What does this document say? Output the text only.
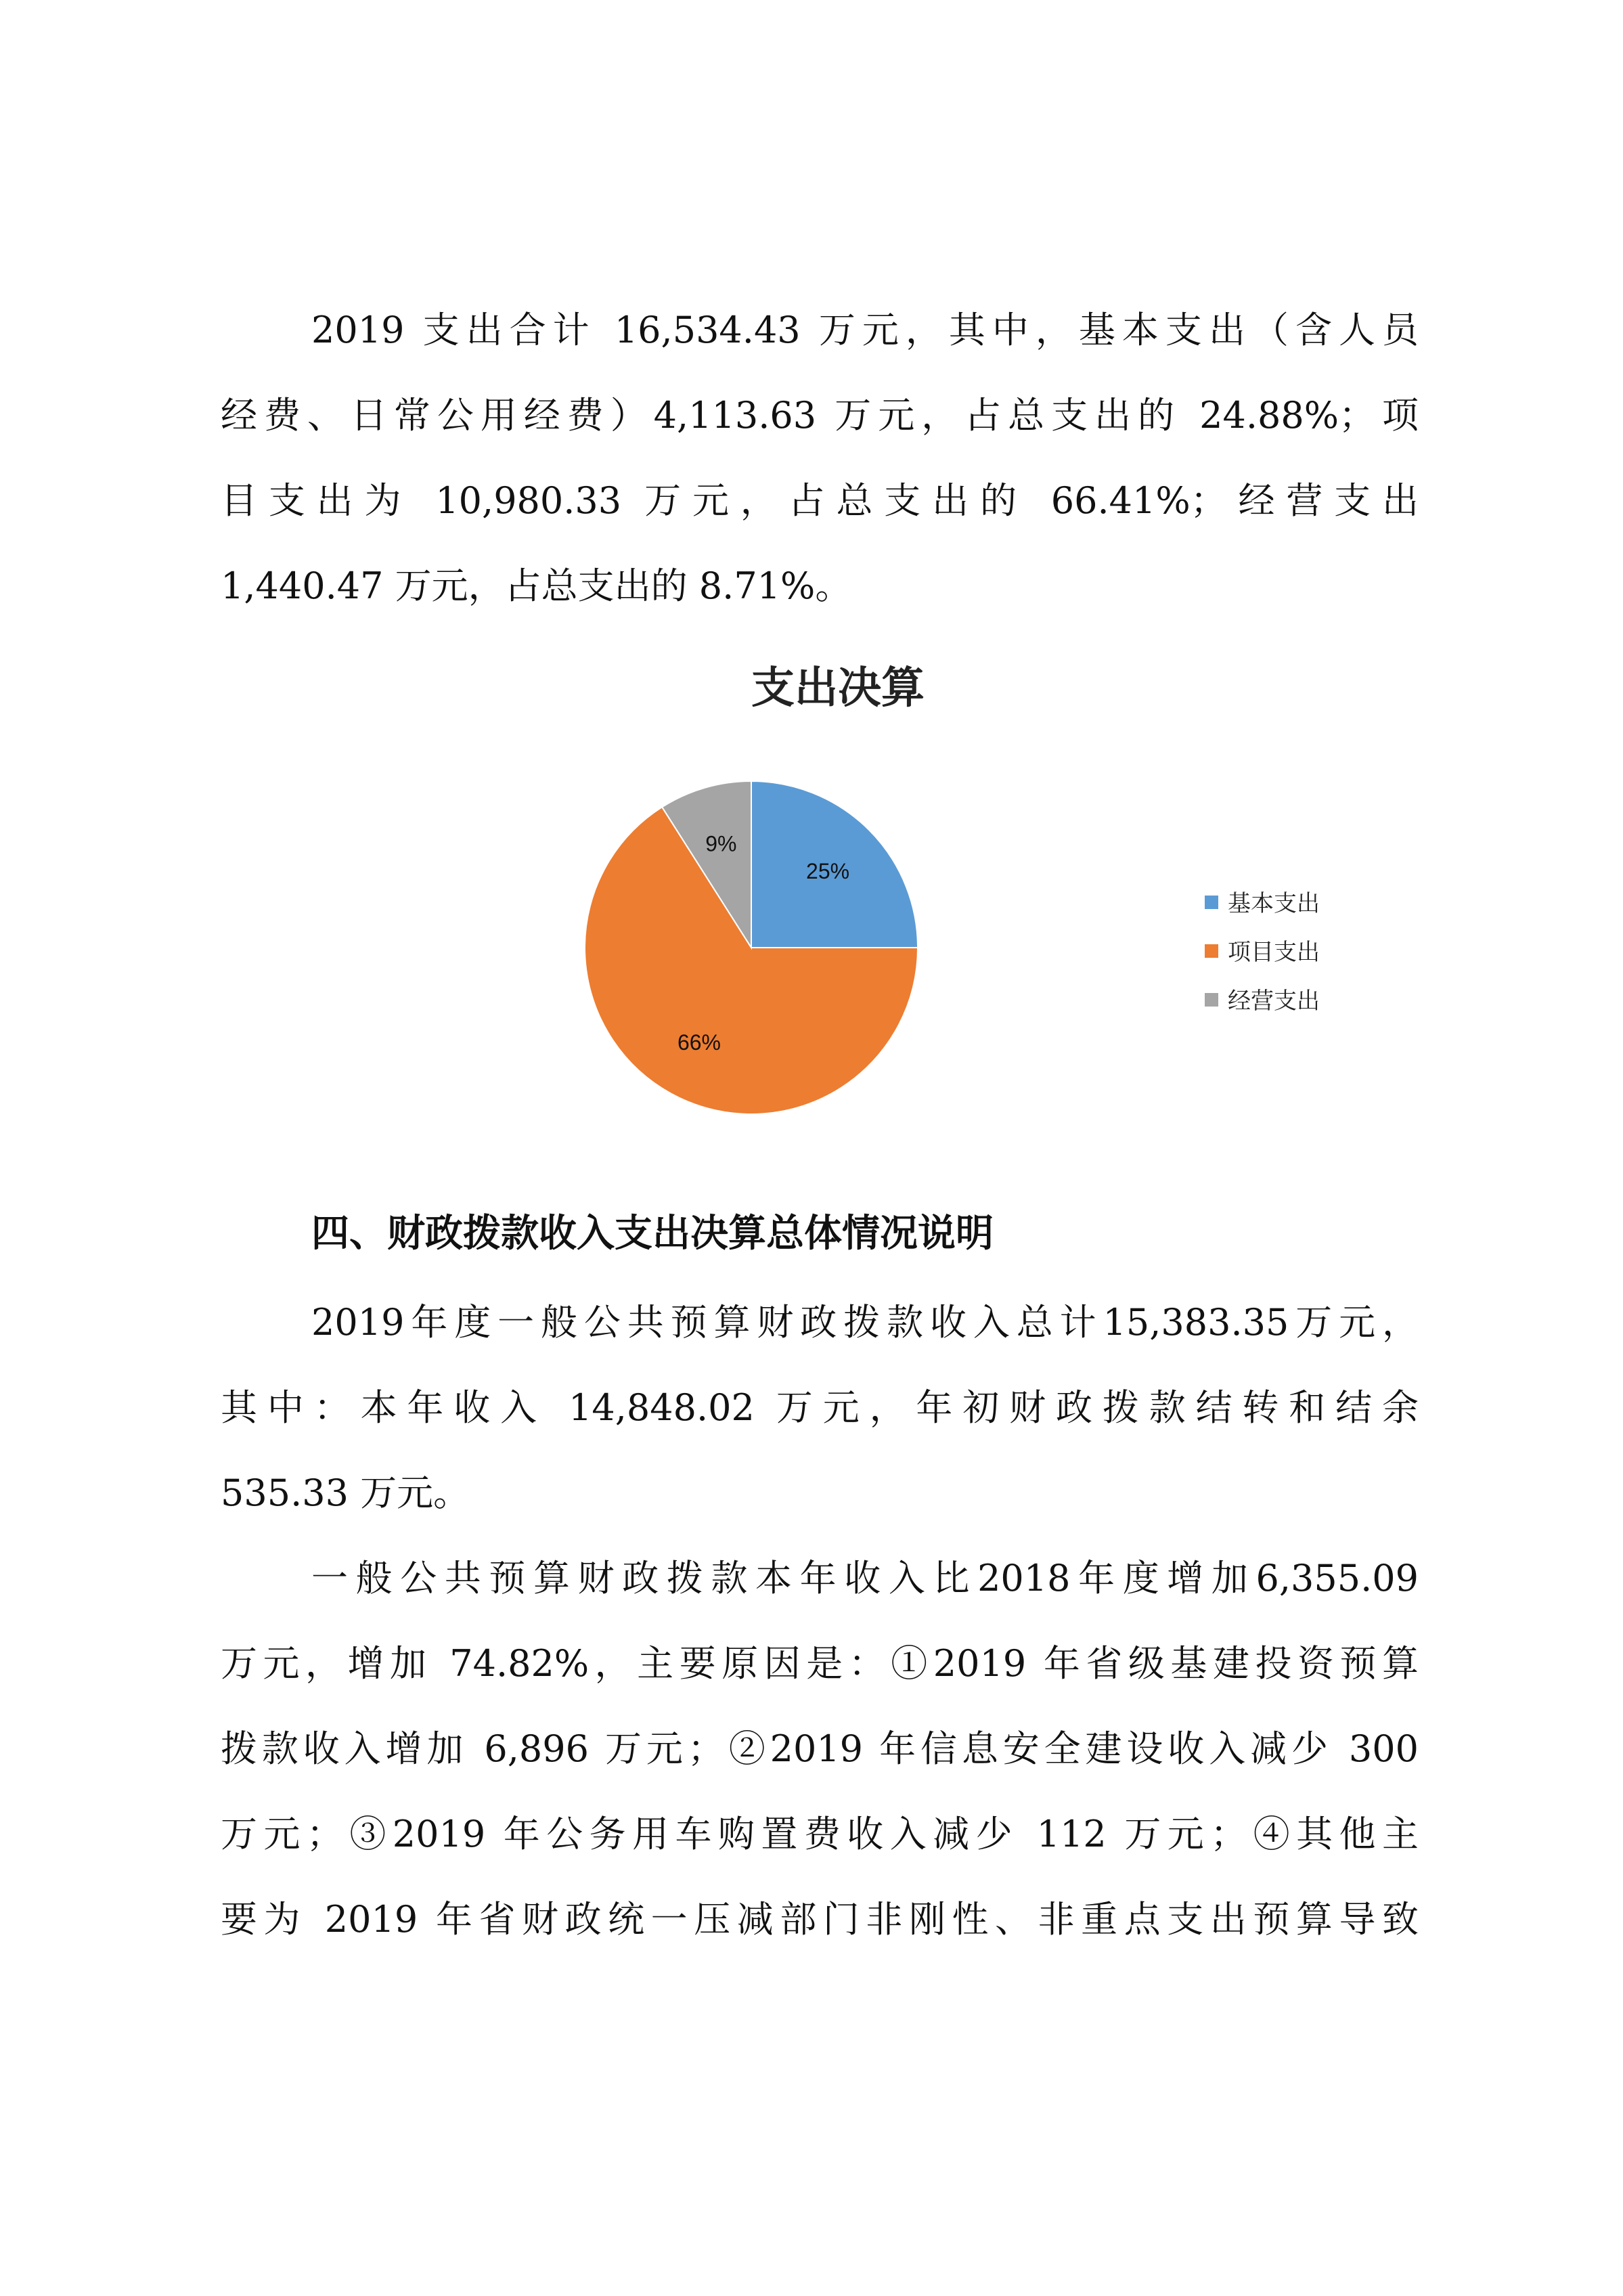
2019 支出合计 16,534.43 万元，其中，基本支出（含人员
经费、日常公用经费）4,113.63 万元，占总支出的 24.88%；项
目支出为 10,980.33 万元，占总支出的 66.41%；经营支出
1,440.47 万元，占总支出的 8.71%。
支出决算
25%
66%
9%
基本支出
项目支出
经营支出
四、财政拨款收入支出决算总体情况说明
2019年度一般公共预算财政拨款收入总计15,383.35万元，
其中：本年收入 14,848.02 万元，年初财政拨款结转和结余
535.33 万元。
一般公共预算财政拨款本年收入比2018年度增加6,355.09
万元，增加 74.82%，主要原因是：①2019 年省级基建投资预算
拨款收入增加 6,896 万元；②2019 年信息安全建设收入减少 300
万元；③2019 年公务用车购置费收入减少 112 万元；④其他主
要为 2019 年省财政统一压减部门非刚性、非重点支出预算导致
